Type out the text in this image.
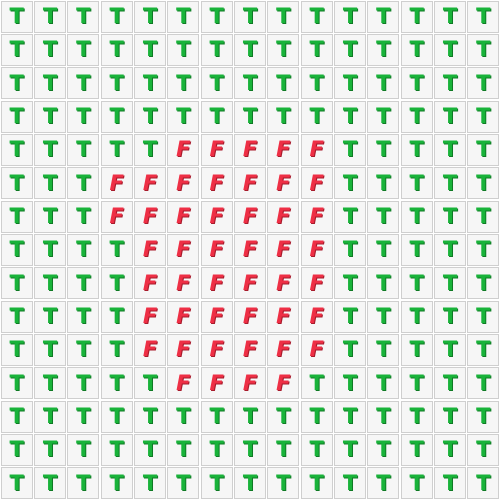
T T T T T T T T T T T T T T T
T T T T T T T T T T T T T T T
T T T T T T T T T T T T T T T
T T T T T T T T T T T T T T T
T T T T T F F F F F T T T T T
T T T F F F F F F F T T T T T
T T T F F F F F F F T T T T T
T T T T F F F F F F T T T T T
T T T T F F F F F F T T T T T
T T T T F F F F F F T T T T T
T T T T F F F F F F T T T T T
T T T T T F F F F T T T T T T
T T T T T T T T T T T T T T T
T T T T T T T T T T T T T T T
T T T T T T T T T T T T T T T
